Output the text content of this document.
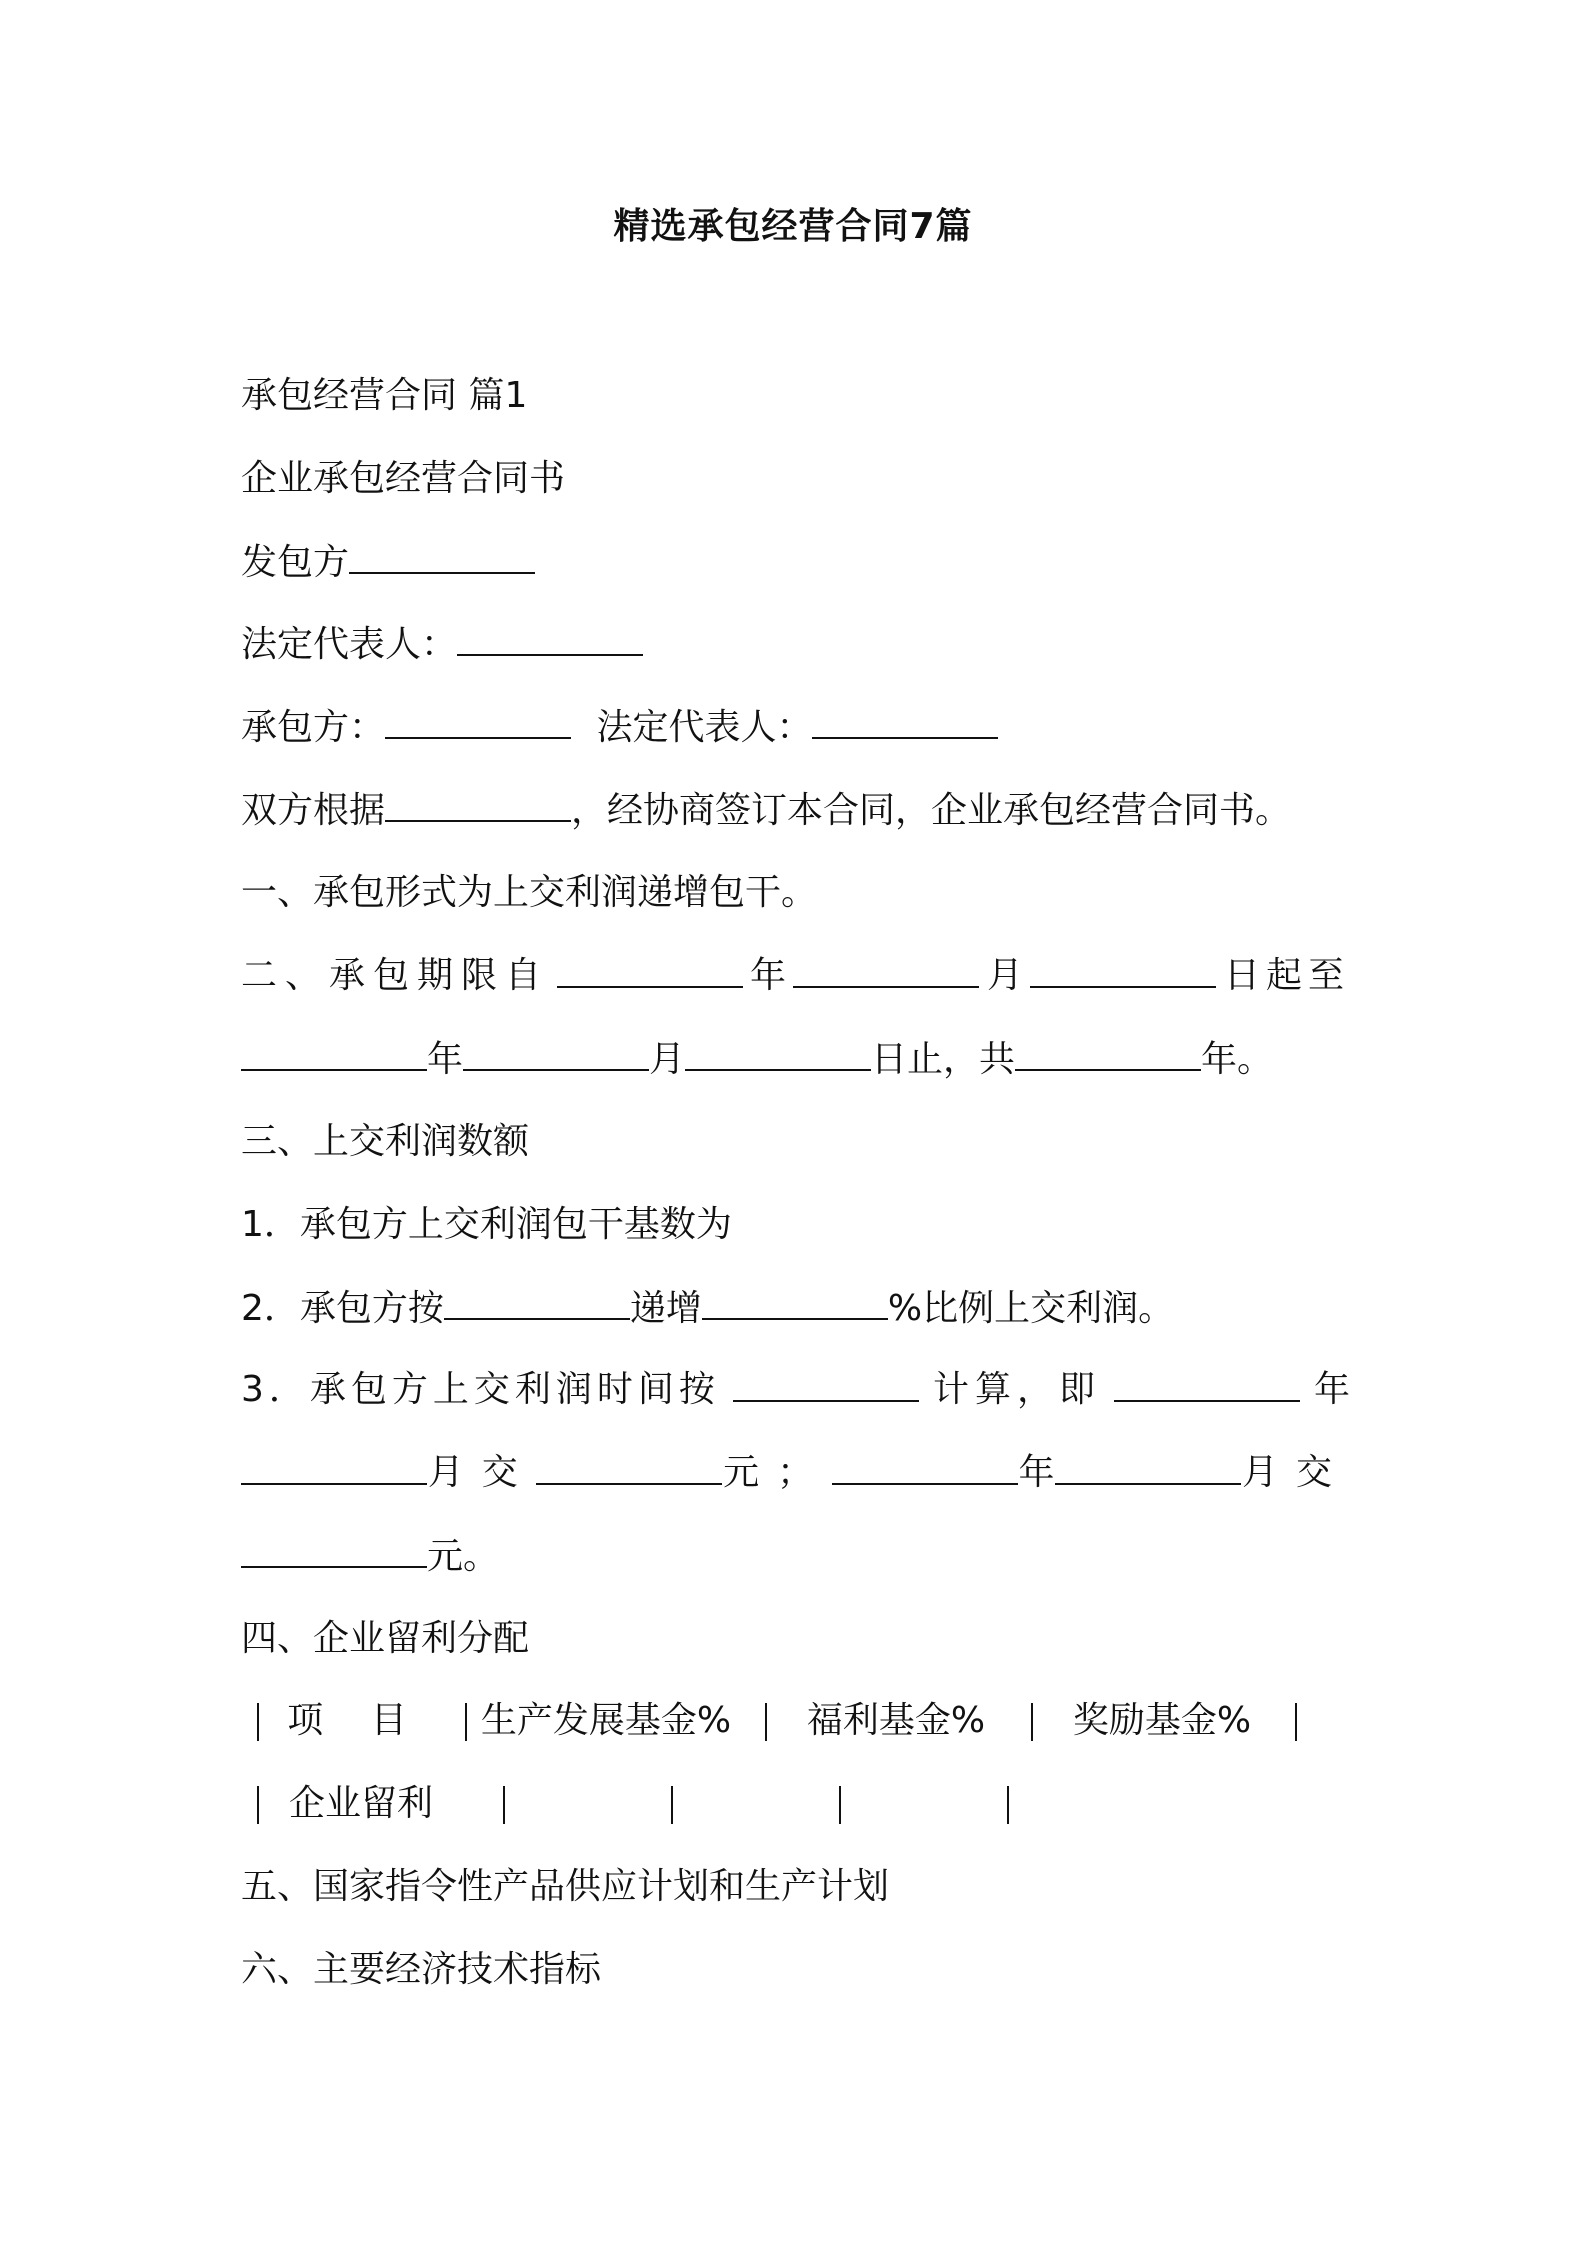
精选承包经营合同7篇
承包经营合同 篇1
企业承包经营合同书
发包方
法定代表人：
承包方：	法定代表人：
双方根据	，经协商签订本合同，企业承包经营合同书。
一、承包形式为上交利润递增包干。
二、承包期限自	年	月	日起至
年	月	日止，共	年。
三、上交利润数额
1．承包方上交利润包干基数为
2．承包方按	递增	%比例上交利润。
3．承包方上交利润时间按	计算，即	年
月交	元；	年	月交
元。
四、企业留利分配
项 目	生产发展基金%	福利基金%	奖励基金%
企业留利
五、国家指令性产品供应计划和生产计划
六、主要经济技术指标
